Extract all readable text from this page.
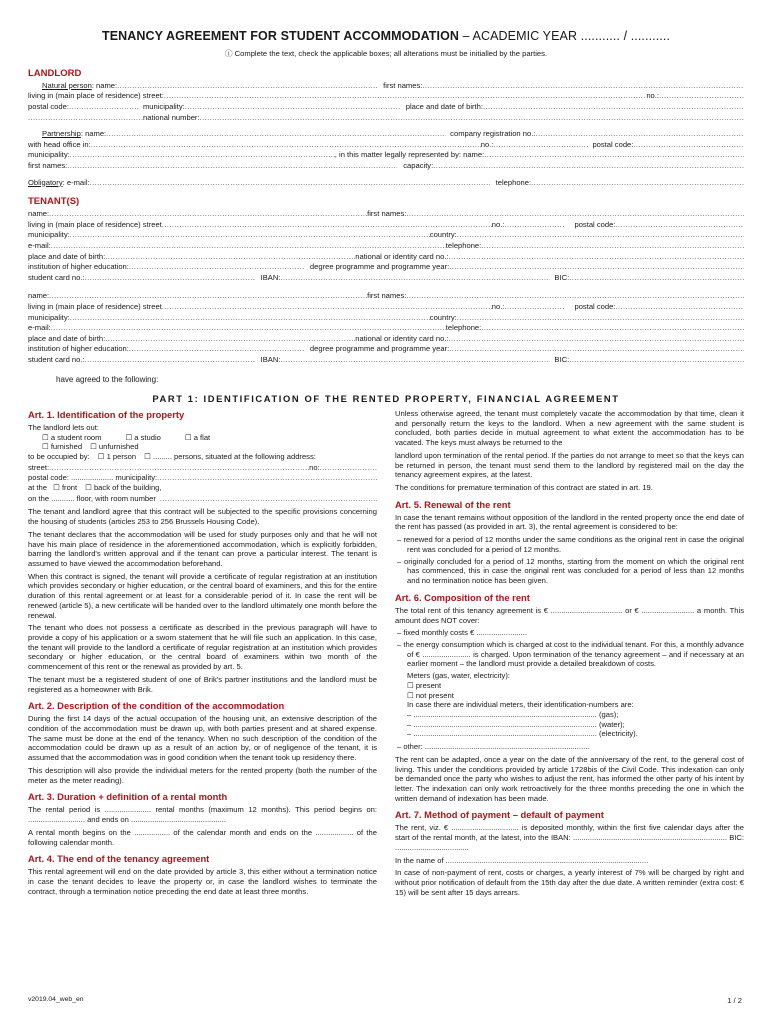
TENANCY AGREEMENT FOR STUDENT ACCOMMODATION – ACADEMIC YEAR ........... / ...........
ⓘ Complete the text, check the applicable boxes; all alterations must be initialled by the parties.
LANDLORD
Natural person : name: .....	first names:
.....
living in (main place of residence) street: .....	no.:
.....
postal code: .....	municipality: .....	place and date of birth:
.....
.....
national number:
.....
Partnership : name: .....	company registration no.:
.....
with head office in: .....	no.: .....	postal code:
.....
municipality: .....	, in this matter legally represented by: name:
.....
first names: .....	capacity:
.....
Obligatory : e-mail: .....	telephone:
.....
TENANT(S)
name: .....	first names:
.....
living in (main place of residence) street .....	no.: .....	postal code:
.....
municipality: .....	country:
.....
e-mail: .....	telephone:
.....
place and date of birth: .....	national or identity card no.:
.....
institution of higher education: .....	degree programme and programme year:
.....
student card no.: .....	IBAN: .....	BIC:
.....
name: .....	first names:
.....
living in (main place of residence) street .....	no.: .....	postal code:
.....
municipality: .....	country:
.....
e-mail: .....	telephone:
.....
place and date of birth: .....	national or identity card no.:
.....
institution of higher education: .....	degree programme and programme year:
.....
student card no.: .....	IBAN: .....	BIC:
.....
have agreed to the following:
PART 1: IDENTIFICATION OF THE RENTED PROPERTY, FINANCIAL AGREEMENT
Art. 1. Identification of the property
The landlord lets out:
☐ a student room	☐ a studio	☐ a flat
☐ furnished ☐ unfurnished
to be occupied by: ☐ 1 person ☐ ......... persons, situated at the following address:
street: .....	no:
.....
postal code: .................... municipality:
.....
at the ☐ front ☐ back of the building,
on the ........... floor, with room number
.....

The tenant and landlord agree that this contract will be subjected to the specific provisions concerning the housing of students (articles 253 to 256 Brussels Housing Code).

The tenant declares that the accommodation will be used for study purposes only and that he will not have his main place of residence in the aforementioned accommodation, which is explicitly forbidden, barring the landlord's written approval and if the tenant can prove a particular interest. The tenant is assumed to have viewed the accommodation beforehand.

When this contract is signed, the tenant will provide a certificate of regular registration at an institution which provides secondary or higher education, or the central board of examiners, and this for the entire duration of this rental agreement or at least for a considerable period of it. In case the rent will be renewed (article 5), a new certificate will be handed over to the landlord ultimately one month before the renewal.

The tenant who does not possess a certificate as described in the previous paragraph will have to provide a copy of his application or a sworn statement that he will file such an application. In this case, the tenant will provide to the landlord a certificate of regular registration at an institution which provides secondary or higher education, or the central board of examiners within two month of the commencement of this rent or the renewal as provided by art. 5.

The tenant must be a registered student of one of Brik's partner institutions and the landlord must be registered as a homeowner with Brik.

Art. 2. Description of the condition of the accommodation

During the first 14 days of the actual occupation of the housing unit, an extensive description of the condition of the accommodation must be drawn up, with both parties present and at shared expense. The same must be done at the end of the tenancy. When no such description of the condition of the accommodation could be drawn up as a result of an action by, or of negligence of the tenant, it is assumed that the accommodation was in good condition when the tenant took up residency there.

This description will also provide the individual meters for the rented property (both the number of the meter as the meter reading).

Art. 3. Duration + definition of a rental month

The rental period is ...................... rental months (maximum 12 months). This period begins on: ........................... and ends on .............................................

A rental month begins on the ................. of the calendar month and ends on the .................. of the following calendar month.

Art. 4. The end of the tenancy agreement

This rental agreement will end on the date provided by article 3, this either without a termination notice in case the tenant decides to leave the property or, in case the landlord wishes to terminate the contract, through a termination notice preceding the end date at least three months.

Unless otherwise agreed, the tenant must completely vacate the accommodation by that time, clean it and personally return the keys to the landlord. When a new agreement with the same student is concluded, both parties decide in mutual agreement to what extent the accommodation has to be vacated. The keys must always be returned to the

landlord upon termination of the rental period. If the parties do not arrange to meet so that the keys can be returned in person, the tenant must send them to the landlord by registered mail on the day the tenancy agreement expires, at the latest.

The conditions for premature termination of this contract are stated in art. 19.

Art. 5. Renewal of the rent

In case the tenant remains without opposition of the landlord in the rented property once the end date of the rent has passed (as provided in art. 3), the rental agreement is considered to be:

– renewed for a period of 12 months under the same conditions as the original rent in case the original rent was concluded for a period of 12 months.
– originally concluded for a period of 12 months, starting from the moment on which the original rent has commenced, this in case the original rent was concluded for a period of less than 12 months and no termination notice has been given.
Art. 6. Composition of the rent

The total rent of this tenancy agreement is € .................................. or € ......................... a month. This amount does NOT cover:

– fixed monthly costs € ........................
– the energy consumption which is charged at cost to the individual tenant. For this, a monthly advance of € ....................... is charged. Upon termination of the tenancy agreement – and if necessary at an earlier moment – the landlord must provide a detailed breakdown of costs.
Meters (gas, water, electricity):
☐ present
☐ not present
In case there are individual meters, their identification-numbers are:
– ....................................................................................... (gas);
– ....................................................................................... (water);
– ....................................................................................... (electricity).
– other: ..............................................................................

The rent can be adapted, once a year on the date of the anniversary of the rent, to the general cost of living. This under the conditions provided by article 1728bis of the Civil Code. This indexation can only be demanded once the party who wishes to adjust the rent, has informed the other party of his intent by letter. The indexation can only work retroactively for the three months preceding the one in which the written demand of indexation has been made.

Art. 7. Method of payment – default of payment

The rent, viz. € ................................ is deposited monthly, within the first five calendar days after the start of the rental month, at the latest, into the IBAN: ......................................................................... BIC: ...................................

In the name of ................................................................................................

In case of non-payment of rent, costs or charges, a yearly interest of 7% will be charged by right and without prior notification of default from the 15th day after the due date. A written reminder (extra cost: € 15) will be sent after 15 days arrears.

v2019.04_web_en	1 / 2
